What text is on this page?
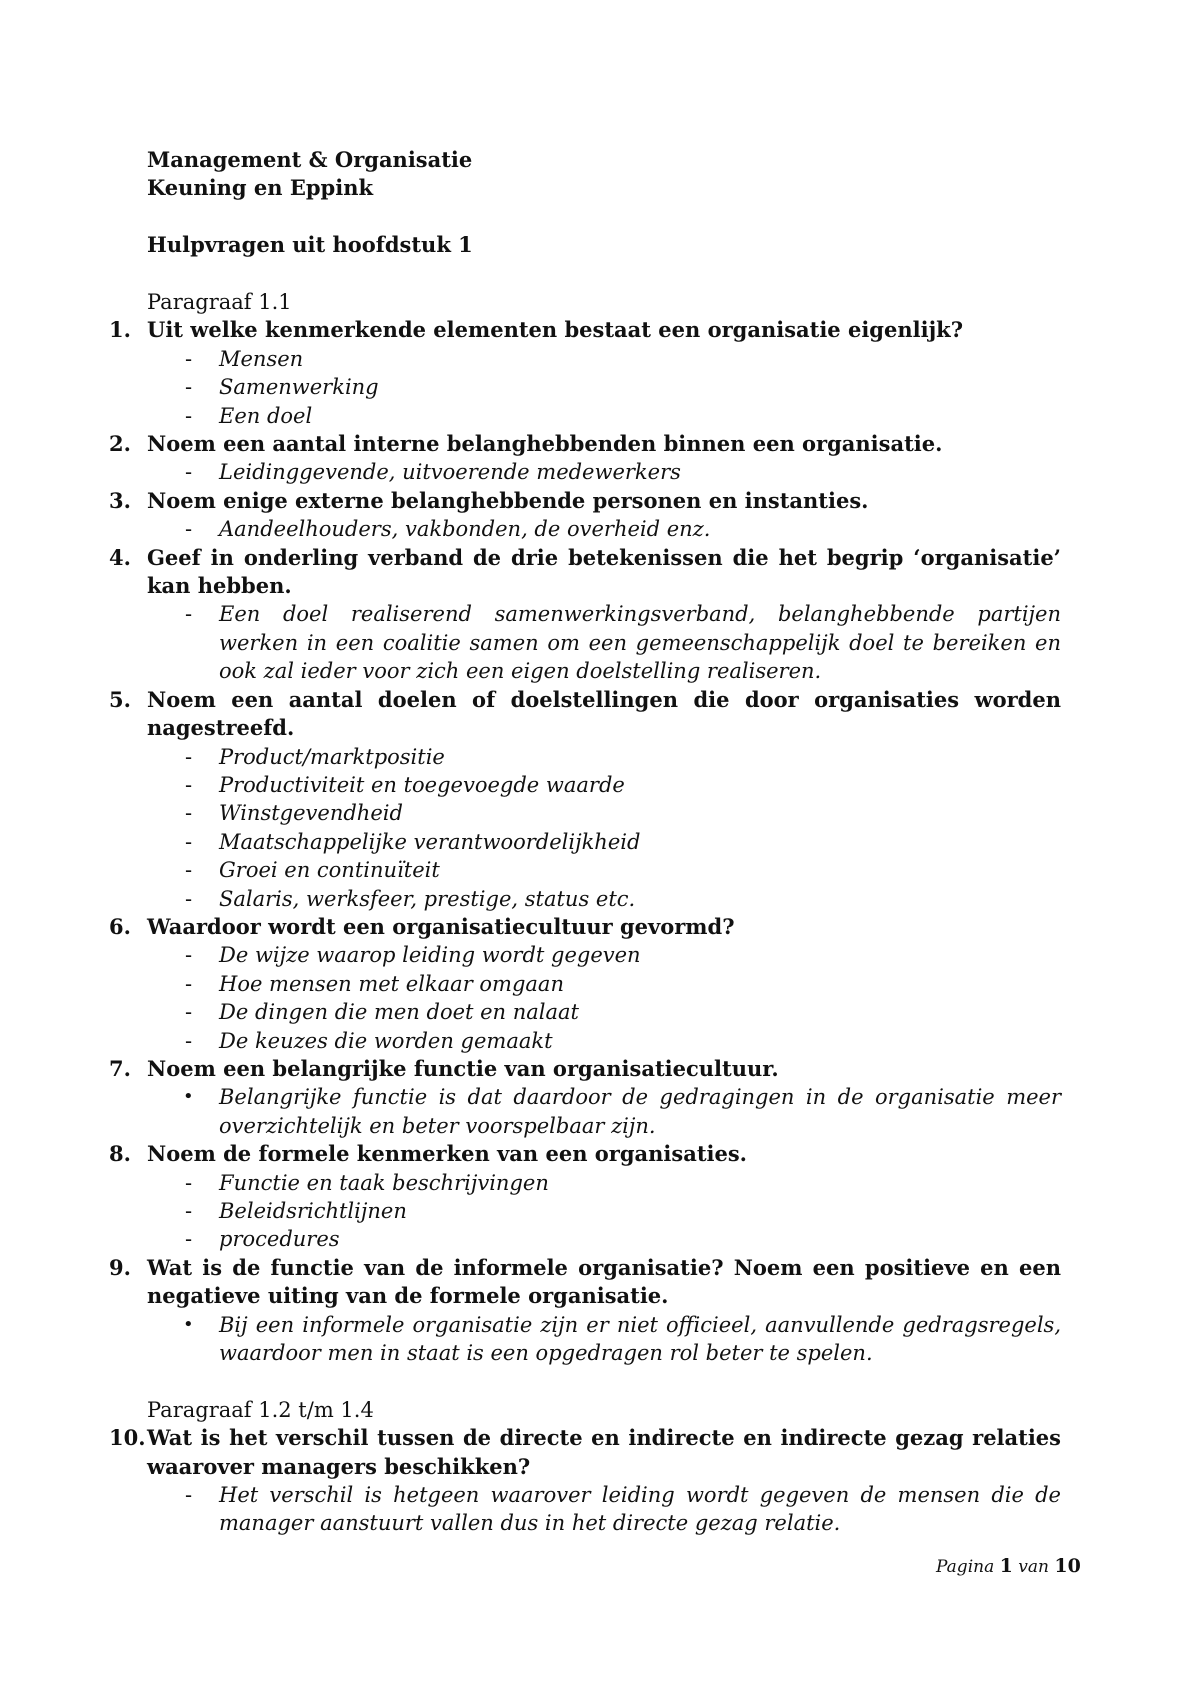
Management & Organisatie
Keuning en Eppink
Hulpvragen uit hoofdstuk 1
Paragraaf 1.1
1. Uit welke kenmerkende elementen bestaat een organisatie eigenlijk?
- Mensen
- Samenwerking
- Een doel
2. Noem een aantal interne belanghebbenden binnen een organisatie.
- Leidinggevende, uitvoerende medewerkers
3. Noem enige externe belanghebbende personen en instanties.
- Aandeelhouders, vakbonden, de overheid enz.
4. Geef in onderling verband de drie betekenissen die het begrip ‘organisatie’ kan hebben.
- Een doel realiserend samenwerkingsverband, belanghebbende partijen werken in een coalitie samen om een gemeenschappelijk doel te bereiken en ook zal ieder voor zich een eigen doelstelling realiseren.
5. Noem een aantal doelen of doelstellingen die door organisaties worden nagestreefd.
- Product/marktpositie
- Productiviteit en toegevoegde waarde
- Winstgevendheid
- Maatschappelijke verantwoordelijkheid
- Groei en continuïteit
- Salaris, werksfeer, prestige, status etc.
6. Waardoor wordt een organisatiecultuur gevormd?
- De wijze waarop leiding wordt gegeven
- Hoe mensen met elkaar omgaan
- De dingen die men doet en nalaat
- De keuzes die worden gemaakt
7. Noem een belangrijke functie van organisatiecultuur.
• Belangrijke functie is dat daardoor de gedragingen in de organisatie meer overzichtelijk en beter voorspelbaar zijn.
8. Noem de formele kenmerken van een organisaties.
- Functie en taak beschrijvingen
- Beleidsrichtlijnen
- procedures
9. Wat is de functie van de informele organisatie? Noem een positieve en een negatieve uiting van de formele organisatie.
• Bij een informele organisatie zijn er niet officieel, aanvullende gedragsregels, waardoor men in staat is een opgedragen rol beter te spelen.
Paragraaf 1.2 t/m 1.4
10. Wat is het verschil tussen de directe en indirecte en indirecte gezag relaties waarover managers beschikken?
- Het verschil is hetgeen waarover leiding wordt gegeven de mensen die de manager aanstuurt vallen dus in het directe gezag relatie.
Pagina 1 van 10
